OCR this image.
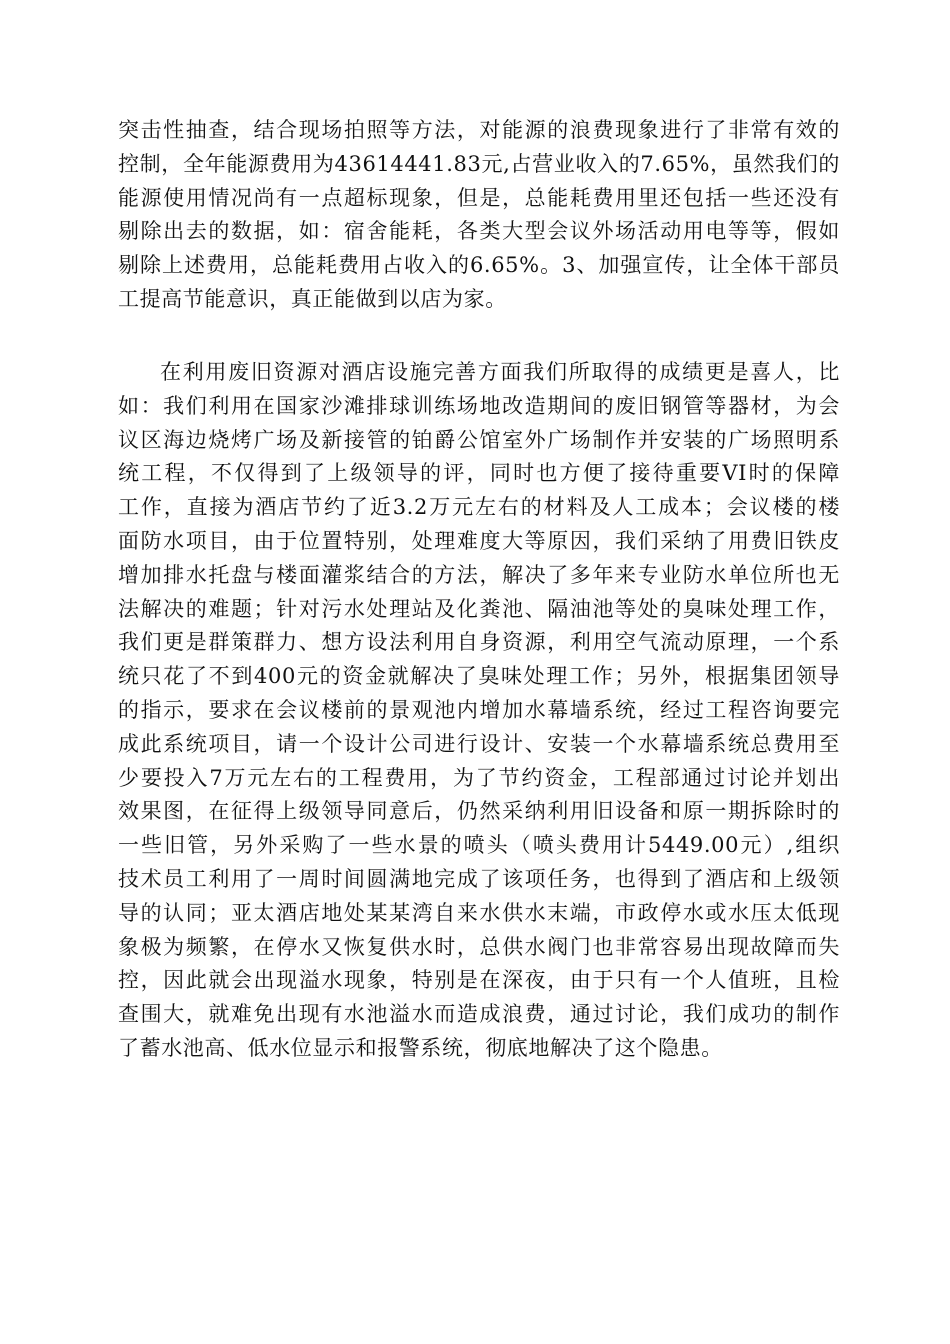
突击性抽查，结合现场拍照等方法，对能源的浪费现象进行了非常有效的
控制，全年能源费用为43614441.83元,占营业收入的7.65%，虽然我们的
能源使用情况尚有一点超标现象，但是，总能耗费用里还包括一些还没有
剔除出去的数据，如：宿舍能耗，各类大型会议外场活动用电等等，假如
剔除上述费用，总能耗费用占收入的6.65%。3、加强宣传，让全体干部员
工提高节能意识，真正能做到以店为家。
在利用废旧资源对酒店设施完善方面我们所取得的成绩更是喜人，比
如：我们利用在国家沙滩排球训练场地改造期间的废旧钢管等器材，为会
议区海边烧烤广场及新接管的铂爵公馆室外广场制作并安装的广场照明系
统工程，不仅得到了上级领导的评，同时也方便了接待重要VI时的保障
工作，直接为酒店节约了近3.2万元左右的材料及人工成本；会议楼的楼
面防水项目，由于位置特别，处理难度大等原因，我们采纳了用费旧铁皮
增加排水托盘与楼面灌浆结合的方法，解决了多年来专业防水单位所也无
法解决的难题；针对污水处理站及化粪池、隔油池等处的臭味处理工作，
我们更是群策群力、想方设法利用自身资源，利用空气流动原理，一个系
统只花了不到400元的资金就解决了臭味处理工作；另外，根据集团领导
的指示，要求在会议楼前的景观池内增加水幕墙系统，经过工程咨询要完
成此系统项目，请一个设计公司进行设计、安装一个水幕墙系统总费用至
少要投入7万元左右的工程费用，为了节约资金，工程部通过讨论并划出
效果图，在征得上级领导同意后，仍然采纳利用旧设备和原一期拆除时的
一些旧管，另外采购了一些水景的喷头（喷头费用计5449.00元）,组织
技术员工利用了一周时间圆满地完成了该项任务，也得到了酒店和上级领
导的认同；亚太酒店地处某某湾自来水供水末端，市政停水或水压太低现
象极为频繁，在停水又恢复供水时，总供水阀门也非常容易出现故障而失
控，因此就会出现溢水现象，特别是在深夜，由于只有一个人值班，且检
查围大，就难免出现有水池溢水而造成浪费，通过讨论，我们成功的制作
了蓄水池高、低水位显示和报警系统，彻底地解决了这个隐患。
